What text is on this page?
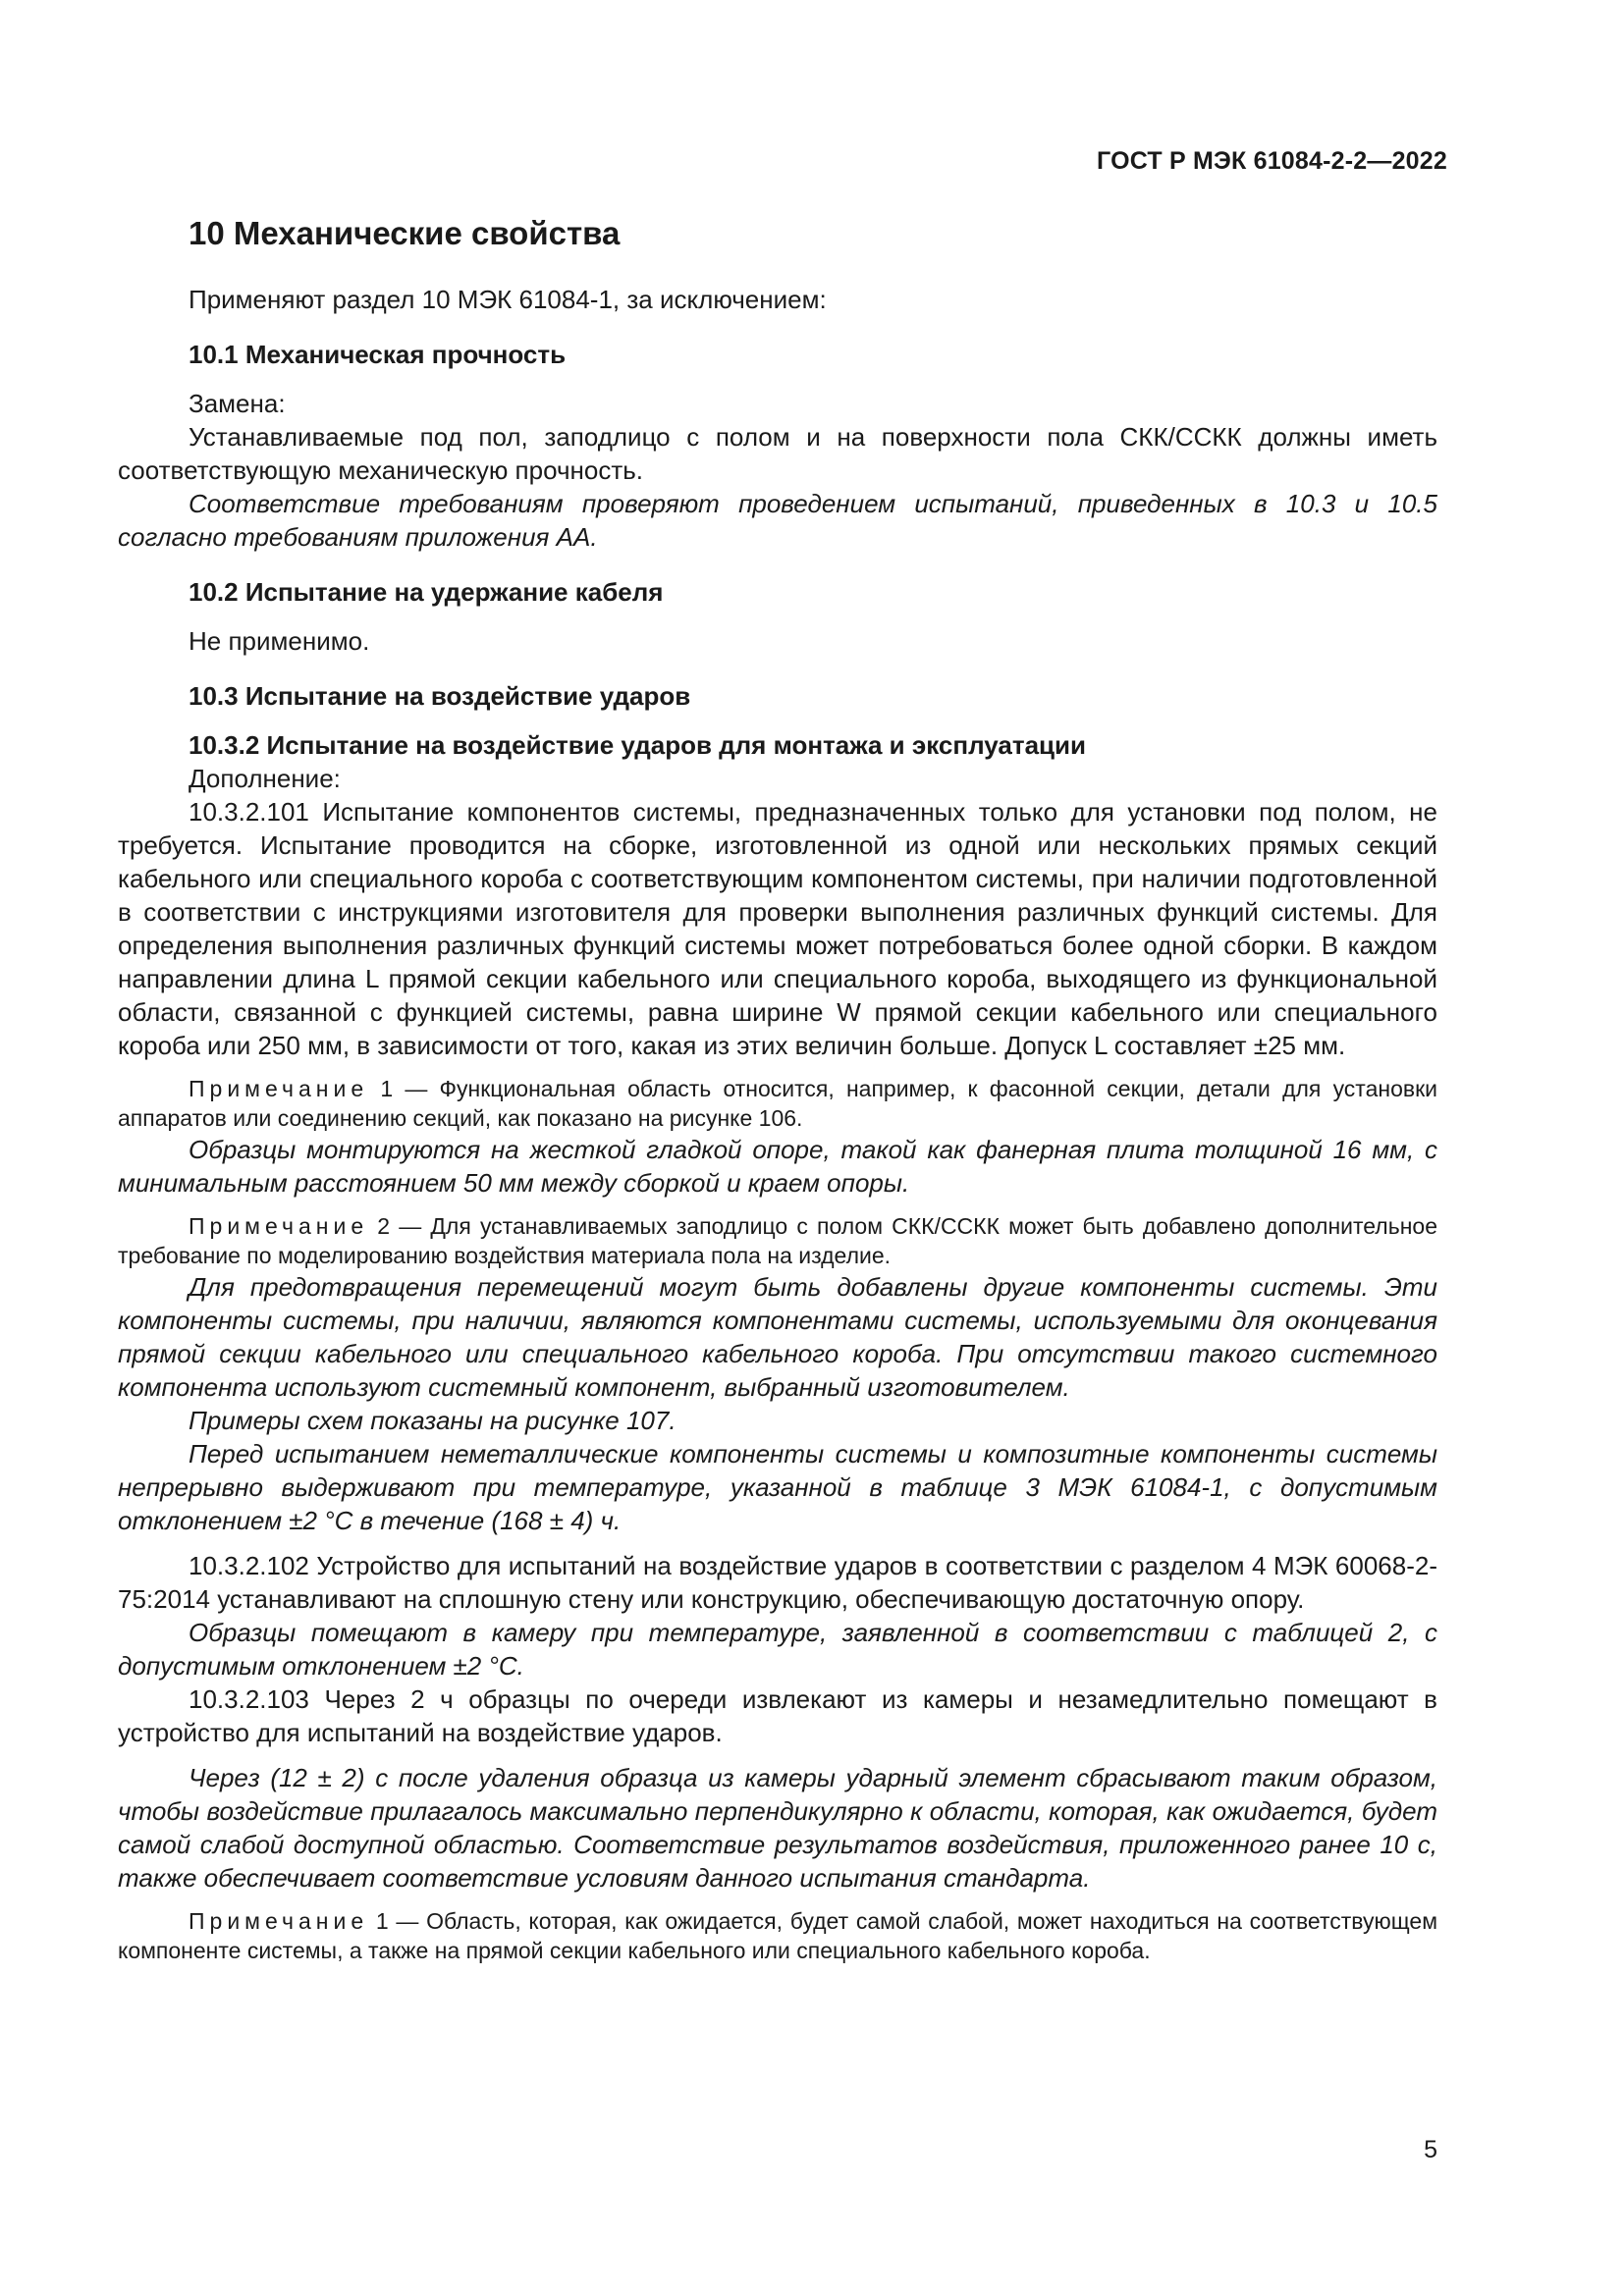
ГОСТ Р МЭК 61084-2-2—2022
10 Механические свойства

Применяют раздел 10 МЭК 61084-1, за исключением:

10.1 Механическая прочность

Замена:

Устанавливаемые под пол, заподлицо с полом и на поверхности пола СКК/ССКК должны иметь соответствующую механическую прочность.

Соответствие требованиям проверяют проведением испытаний, приведенных в 10.3 и 10.5 согласно требованиям приложения АА.

10.2 Испытание на удержание кабеля

Не применимо.

10.3 Испытание на воздействие ударов
10.3.2 Испытание на воздействие ударов для монтажа и эксплуатации

Дополнение:

10.3.2.101 Испытание компонентов системы, предназначенных только для установки под полом, не требуется. Испытание проводится на сборке, изготовленной из одной или нескольких прямых секций кабельного или специального короба с соответствующим компонентом системы, при наличии подготовленной в соответствии с инструкциями изготовителя для проверки выполнения различных функций системы. Для определения выполнения различных функций системы может потребоваться более одной сборки. В каждом направлении длина L прямой секции кабельного или специального короба, выходящего из функциональной области, связанной с функцией системы, равна ширине W прямой секции кабельного или специального короба или 250 мм, в зависимости от того, какая из этих величин больше. Допуск L составляет ±25 мм.

Примечание 1 — Функциональная область относится, например, к фасонной секции, детали для установки аппаратов или соединению секций, как показано на рисунке 106.

Образцы монтируются на жесткой гладкой опоре, такой как фанерная плита толщиной 16 мм, с минимальным расстоянием 50 мм между сборкой и краем опоры.

Примечание 2 — Для устанавливаемых заподлицо с полом СКК/ССКК может быть добавлено дополнительное требование по моделированию воздействия материала пола на изделие.

Для предотвращения перемещений могут быть добавлены другие компоненты системы. Эти компоненты системы, при наличии, являются компонентами системы, используемыми для оконцевания прямой секции кабельного или специального кабельного короба. При отсутствии такого системного компонента используют системный компонент, выбранный изготовителем.

Примеры схем показаны на рисунке 107.

Перед испытанием неметаллические компоненты системы и композитные компоненты системы непрерывно выдерживают при температуре, указанной в таблице 3 МЭК 61084-1, с допустимым отклонением ±2 °С в течение (168 ± 4) ч.

10.3.2.102 Устройство для испытаний на воздействие ударов в соответствии с разделом 4 МЭК 60068-2-75:2014 устанавливают на сплошную стену или конструкцию, обеспечивающую достаточную опору.

Образцы помещают в камеру при температуре, заявленной в соответствии с таблицей 2, с допустимым отклонением ±2 °С.

10.3.2.103 Через 2 ч образцы по очереди извлекают из камеры и незамедлительно помещают в устройство для испытаний на воздействие ударов.

Через (12 ± 2) с после удаления образца из камеры ударный элемент сбрасывают таким образом, чтобы воздействие прилагалось максимально перпендикулярно к области, которая, как ожидается, будет самой слабой доступной областью. Соответствие результатов воздействия, приложенного ранее 10 с, также обеспечивает соответствие условиям данного испытания стандарта.

Примечание 1 — Область, которая, как ожидается, будет самой слабой, может находиться на соответствующем компоненте системы, а также на прямой секции кабельного или специального кабельного короба.

5
